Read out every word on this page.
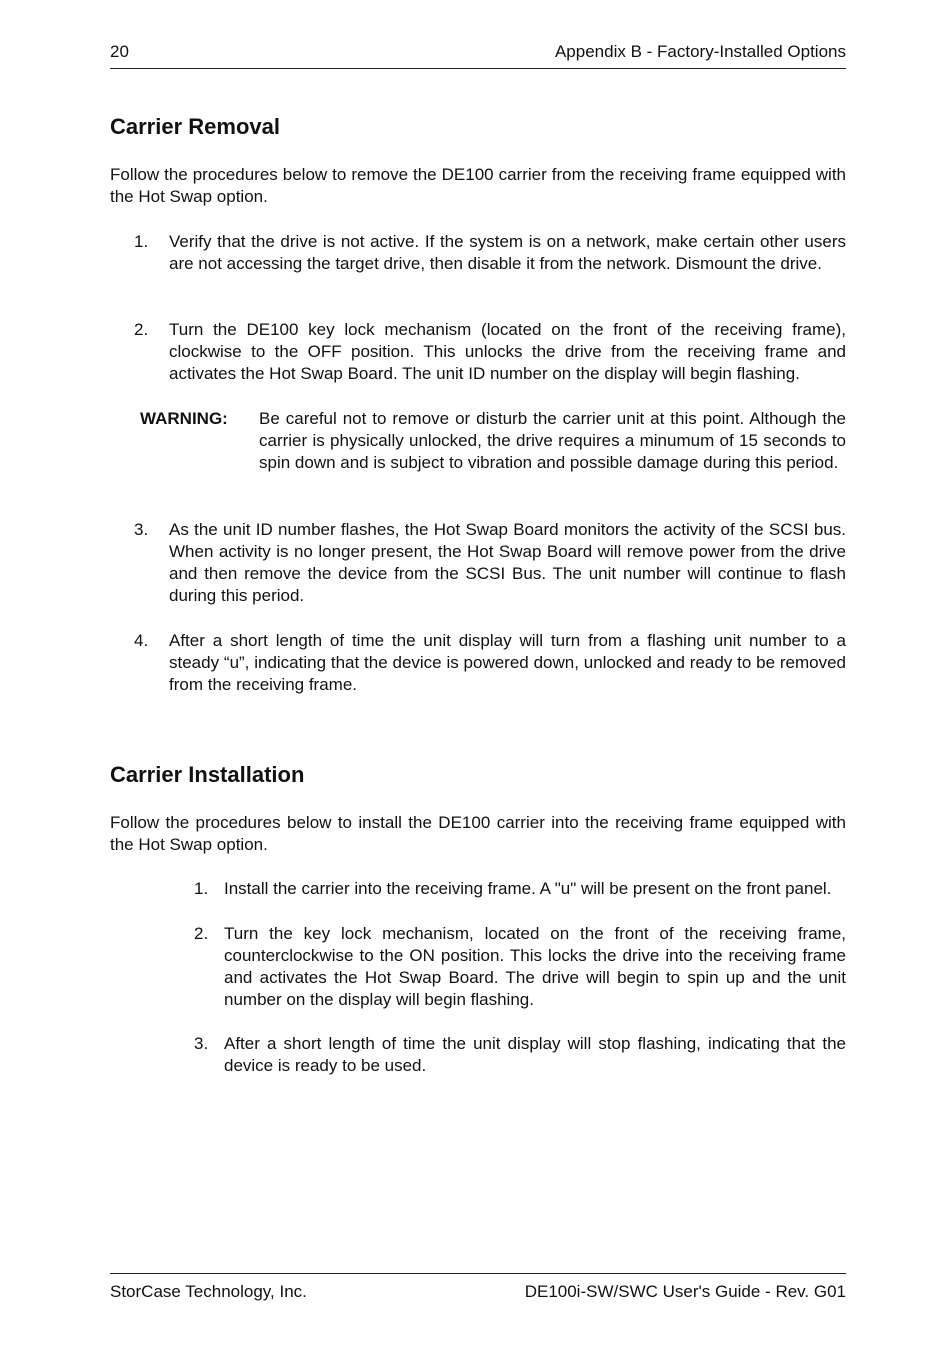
20	Appendix B - Factory-Installed Options
Carrier Removal

Follow the procedures below to remove the DE100 carrier from the receiving frame equipped with the Hot Swap option.

1. Verify that the drive is not active. If the system is on a network, make certain other users are not accessing the target drive, then disable it from the network. Dismount the drive.
2. Turn the DE100 key lock mechanism (located on the front of the receiving frame), clockwise to the OFF position. This unlocks the drive from the receiving frame and activates the Hot Swap Board. The unit ID number on the display will begin flashing.
WARNING: Be careful not to remove or disturb the carrier unit at this point. Although the carrier is physically unlocked, the drive requires a minumum of 15 seconds to spin down and is subject to vibration and possible damage during this period.
3. As the unit ID number flashes, the Hot Swap Board monitors the activity of the SCSI bus. When activity is no longer present, the Hot Swap Board will remove power from the drive and then remove the device from the SCSI Bus. The unit number will continue to flash during this period.
4. After a short length of time the unit display will turn from a flashing unit number to a steady “u”, indicating that the device is powered down, unlocked and ready to be removed from the receiving frame.
Carrier Installation

Follow the procedures below to install the DE100 carrier into the receiving frame equipped with the Hot Swap option.

1. Install the carrier into the receiving frame. A "u" will be present on the front panel.
2. Turn the key lock mechanism, located on the front of the receiving frame, counterclockwise to the ON position. This locks the drive into the receiving frame and activates the Hot Swap Board. The drive will begin to spin up and the unit number on the display will begin flashing.
3. After a short length of time the unit display will stop flashing, indicating that the device is ready to be used.
StorCase Technology, Inc.	DE100i-SW/SWC User's Guide - Rev. G01
